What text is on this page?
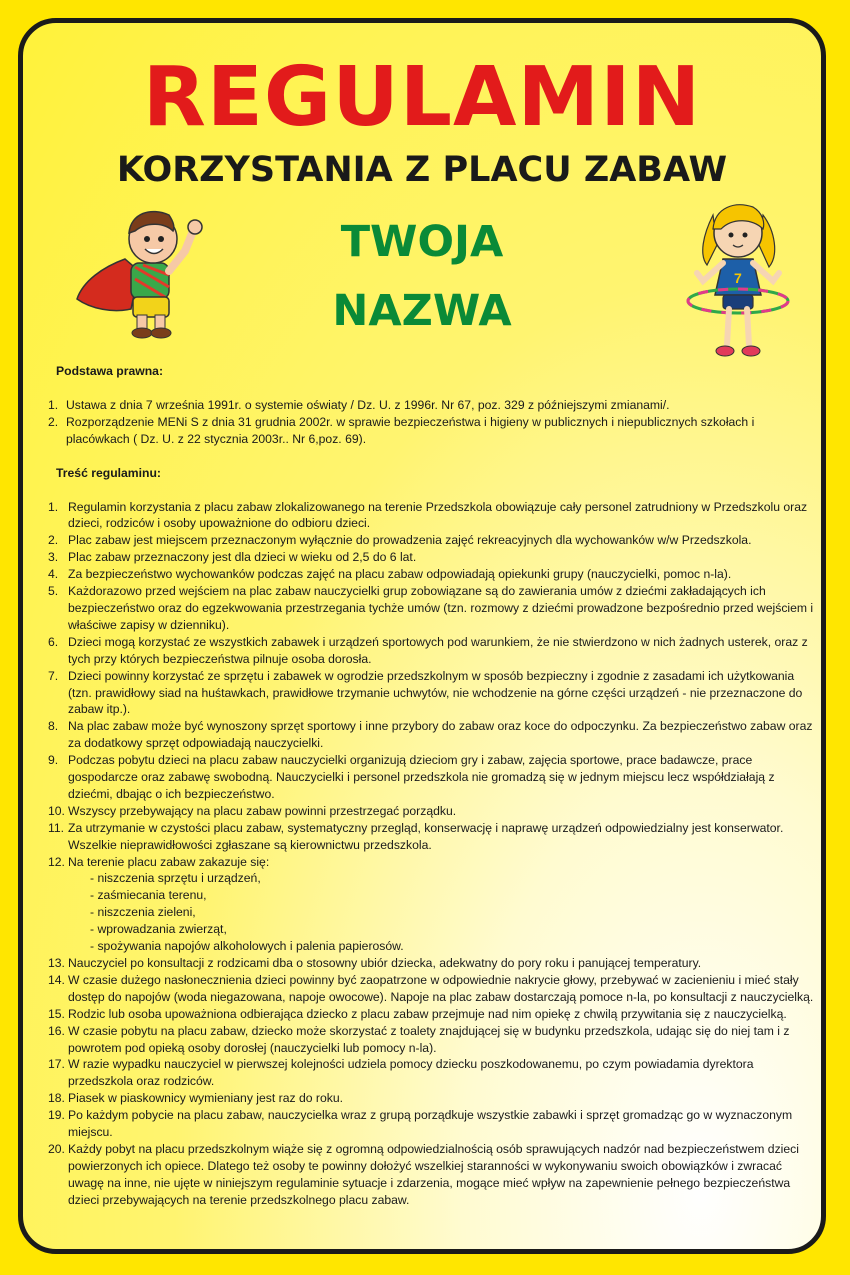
REGULAMIN
KORZYSTANIA Z PLACU ZABAW
TWOJA
NAZWA
7
Podstawa prawna:
1. Ustawa z dnia 7 września 1991r. o systemie oświaty / Dz. U. z 1996r. Nr 67, poz. 329 z późniejszymi zmianami/.
2. Rozporządzenie MENi S z dnia 31 grudnia 2002r. w sprawie bezpieczeństwa i higieny w publicznych i niepublicznych szkołach i placówkach ( Dz. U. z 22 stycznia 2003r.. Nr 6,poz. 69).
Treść regulaminu:
1. Regulamin korzystania z placu zabaw zlokalizowanego na terenie Przedszkola obowiązuje cały personel zatrudniony w Przedszkolu oraz dzieci, rodziców i osoby upoważnione do odbioru dzieci.
2. Plac zabaw jest miejscem przeznaczonym wyłącznie do prowadzenia zajęć rekreacyjnych dla wychowanków w/w Przedszkola.
3. Plac zabaw przeznaczony jest dla dzieci w wieku od 2,5 do 6 lat.
4. Za bezpieczeństwo wychowanków podczas zajęć na placu zabaw odpowiadają opiekunki grupy (nauczycielki, pomoc n-la).
5. Każdorazowo przed wejściem na plac zabaw nauczycielki grup zobowiązane są do zawierania umów z dziećmi zakładających ich bezpieczeństwo oraz do egzekwowania przestrzegania tychże umów (tzn. rozmowy z dziećmi prowadzone bezpośrednio przed wejściem i właściwe zapisy w dzienniku).
6. Dzieci mogą korzystać ze wszystkich zabawek i urządzeń sportowych pod warunkiem, że nie stwierdzono w nich żadnych usterek, oraz z tych przy których bezpieczeństwa pilnuje osoba dorosła.
7. Dzieci powinny korzystać ze sprzętu i zabawek w ogrodzie przedszkolnym w sposób bezpieczny i zgodnie z zasadami ich użytkowania (tzn. prawidłowy siad na huśtawkach, prawidłowe trzymanie uchwytów, nie wchodzenie na górne części urządzeń - nie przeznaczone do zabaw itp.).
8. Na plac zabaw może być wynoszony sprzęt sportowy i inne przybory do zabaw oraz koce do odpoczynku. Za bezpieczeństwo zabaw oraz za dodatkowy sprzęt odpowiadają nauczycielki.
9. Podczas pobytu dzieci na placu zabaw nauczycielki organizują dzieciom gry i zabaw, zajęcia sportowe, prace badawcze, prace gospodarcze oraz zabawę swobodną. Nauczycielki i personel przedszkola nie gromadzą się w jednym miejscu lecz współdziałają z dziećmi, dbając o ich bezpieczeństwo.
10. Wszyscy przebywający na placu zabaw powinni przestrzegać porządku.
11. Za utrzymanie w czystości placu zabaw, systematyczny przegląd, konserwację i naprawę urządzeń odpowiedzialny jest konserwator. Wszelkie nieprawidłowości zgłaszane są kierownictwu przedszkola.
12. Na terenie placu zabaw zakazuje się:
- niszczenia sprzętu i urządzeń,
- zaśmiecania terenu,
- niszczenia zieleni,
- wprowadzania zwierząt,
- spożywania napojów alkoholowych i palenia papierosów.
13. Nauczyciel po konsultacji z rodzicami dba o stosowny ubiór dziecka, adekwatny do pory roku i panującej temperatury.
14. W czasie dużego nasłonecznienia dzieci powinny być zaopatrzone w odpowiednie nakrycie głowy, przebywać w zacienieniu i mieć stały dostęp do napojów (woda niegazowana, napoje owocowe). Napoje na plac zabaw dostarczają pomoce n-la, po konsultacji z nauczycielką.
15. Rodzic lub osoba upoważniona odbierająca dziecko z placu zabaw przejmuje nad nim opiekę z chwilą przywitania się z nauczycielką.
16. W czasie pobytu na placu zabaw, dziecko może skorzystać z toalety znajdującej się w budynku przedszkola, udając się do niej tam i z powrotem pod opieką osoby dorosłej (nauczycielki lub pomocy n-la).
17. W razie wypadku nauczyciel w pierwszej kolejności udziela pomocy dziecku poszkodowanemu, po czym powiadamia dyrektora przedszkola oraz rodziców.
18. Piasek w piaskownicy wymieniany jest raz do roku.
19. Po każdym pobycie na placu zabaw, nauczycielka wraz z grupą porządkuje wszystkie zabawki i sprzęt gromadząc go w wyznaczonym miejscu.
20. Każdy pobyt na placu przedszkolnym wiąże się z ogromną odpowiedzialnością osób sprawujących nadzór nad bezpieczeństwem dzieci powierzonych ich opiece. Dlatego też osoby te powinny dołożyć wszelkiej staranności w wykonywaniu swoich obowiązków i zwracać uwagę na inne, nie ujęte w niniejszym regulaminie sytuacje i zdarzenia, mogące mieć wpływ na zapewnienie pełnego bezpieczeństwa dzieci przebywających na terenie przedszkolnego placu zabaw.
